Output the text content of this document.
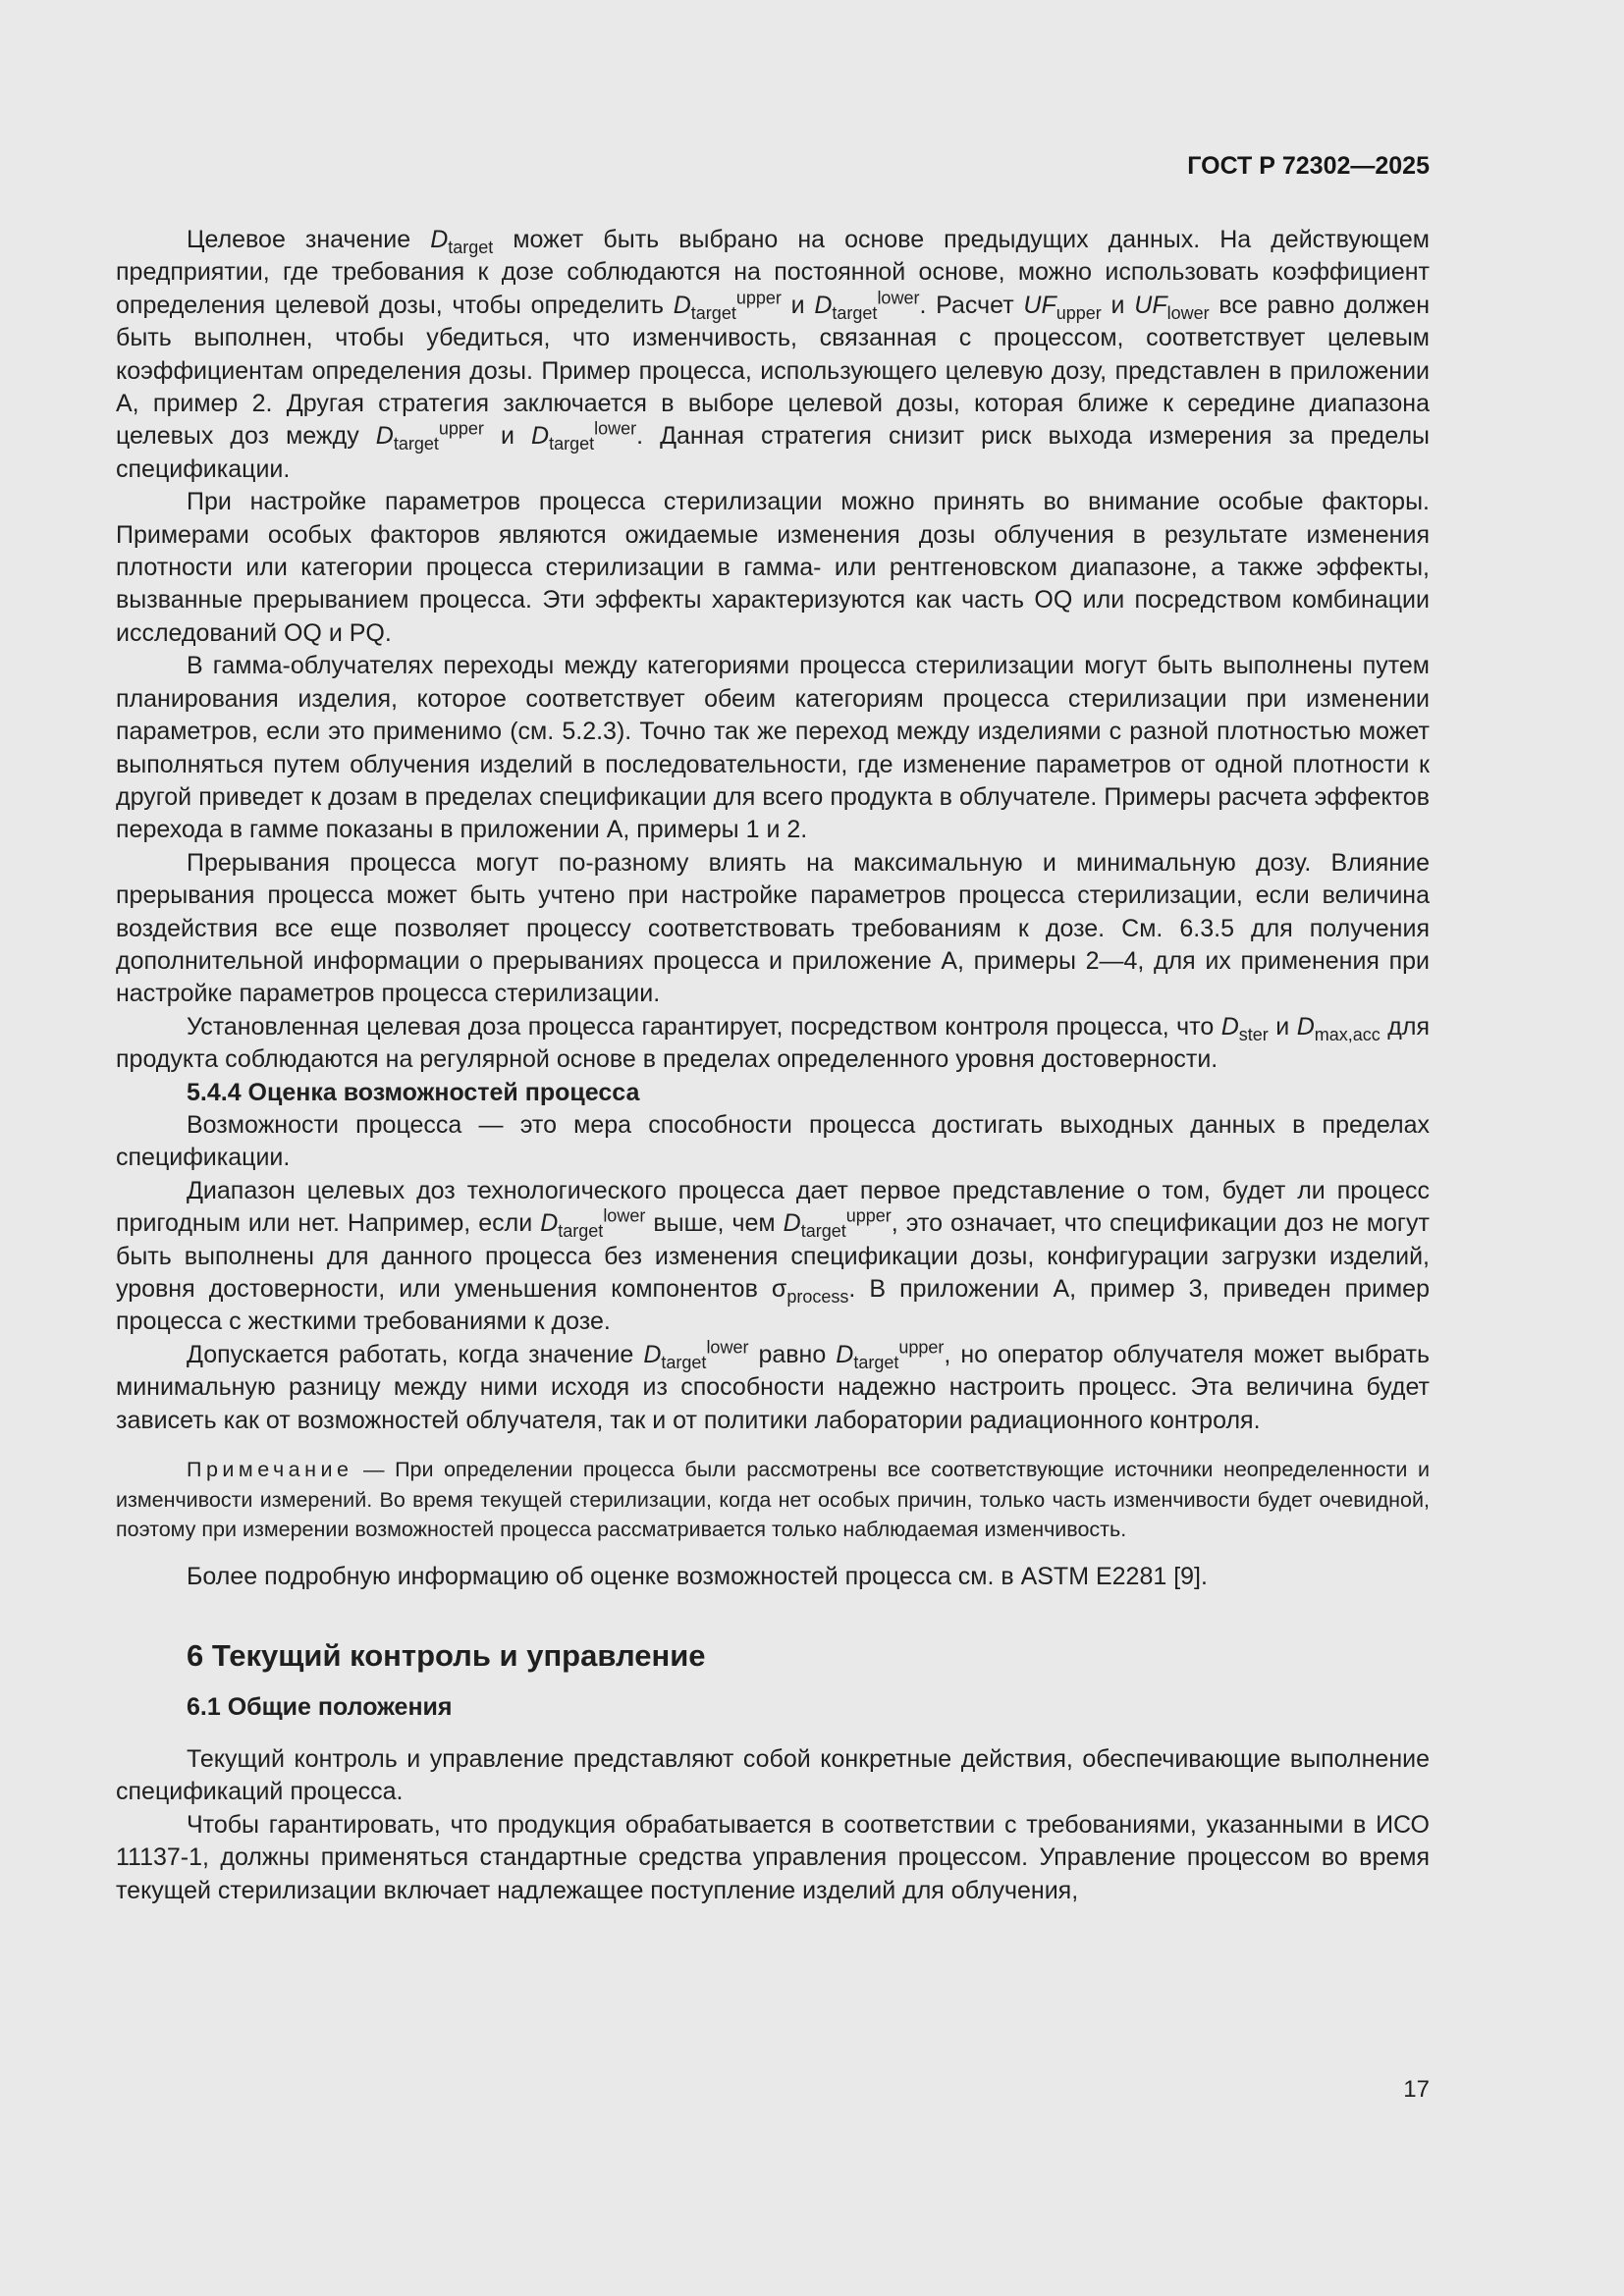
ГОСТ Р 72302—2025

Целевое значение $D_{target}$ может быть выбрано на основе предыдущих данных. На действующем предприятии, где требования к дозе соблюдаются на постоянной основе, можно использовать коэффициент определения целевой дозы, чтобы определить $D_{target}^{upper}$ и $D_{target}^{lower}$. Расчет $UF_{upper}$ и $UF_{lower}$ все равно должен быть выполнен, чтобы убедиться, что изменчивость, связанная с процессом, соответствует целевым коэффициентам определения дозы. Пример процесса, использующего целевую дозу, представлен в приложении А, пример 2. Другая стратегия заключается в выборе целевой дозы, которая ближе к середине диапазона целевых доз между $D_{target}^{upper}$ и $D_{target}^{lower}$. Данная стратегия снизит риск выхода измерения за пределы спецификации.

При настройке параметров процесса стерилизации можно принять во внимание особые факторы. Примерами особых факторов являются ожидаемые изменения дозы облучения в результате изменения плотности или категории процесса стерилизации в гамма- или рентгеновском диапазоне, а также эффекты, вызванные прерыванием процесса. Эти эффекты характеризуются как часть OQ или посредством комбинации исследований OQ и PQ.

В гамма-облучателях переходы между категориями процесса стерилизации могут быть выполнены путем планирования изделия, которое соответствует обеим категориям процесса стерилизации при изменении параметров, если это применимо (см. 5.2.3). Точно так же переход между изделиями с разной плотностью может выполняться путем облучения изделий в последовательности, где изменение параметров от одной плотности к другой приведет к дозам в пределах спецификации для всего продукта в облучателе. Примеры расчета эффектов перехода в гамме показаны в приложении А, примеры 1 и 2.

Прерывания процесса могут по-разному влиять на максимальную и минимальную дозу. Влияние прерывания процесса может быть учтено при настройке параметров процесса стерилизации, если величина воздействия все еще позволяет процессу соответствовать требованиям к дозе. См. 6.3.5 для получения дополнительной информации о прерываниях процесса и приложение А, примеры 2—4, для их применения при настройке параметров процесса стерилизации.

Установленная целевая доза процесса гарантирует, посредством контроля процесса, что $D_{ster}$ и $D_{max,acc}$ для продукта соблюдаются на регулярной основе в пределах определенного уровня достоверности.

5.4.4 Оценка возможностей процесса

Возможности процесса — это мера способности процесса достигать выходных данных в пределах спецификации.

Диапазон целевых доз технологического процесса дает первое представление о том, будет ли процесс пригодным или нет. Например, если $D_{target}^{lower}$ выше, чем $D_{target}^{upper}$, это означает, что спецификации доз не могут быть выполнены для данного процесса без изменения спецификации дозы, конфигурации загрузки изделий, уровня достоверности, или уменьшения компонентов $\sigma_{process}$. В приложении А, пример 3, приведен пример процесса с жесткими требованиями к дозе.

Допускается работать, когда значение $D_{target}^{lower}$ равно $D_{target}^{upper}$, но оператор облучателя может выбрать минимальную разницу между ними исходя из способности надежно настроить процесс. Эта величина будет зависеть как от возможностей облучателя, так и от политики лаборатории радиационного контроля.

Примечание — При определении процесса были рассмотрены все соответствующие источники неопределенности и изменчивости измерений. Во время текущей стерилизации, когда нет особых причин, только часть изменчивости будет очевидной, поэтому при измерении возможностей процесса рассматривается только наблюдаемая изменчивость.

Более подробную информацию об оценке возможностей процесса см. в ASTM E2281 [9].

6 Текущий контроль и управление
6.1 Общие положения

Текущий контроль и управление представляют собой конкретные действия, обеспечивающие выполнение спецификаций процесса.

Чтобы гарантировать, что продукция обрабатывается в соответствии с требованиями, указанными в ИСО 11137-1, должны применяться стандартные средства управления процессом. Управление процессом во время текущей стерилизации включает надлежащее поступление изделий для облучения,

17
